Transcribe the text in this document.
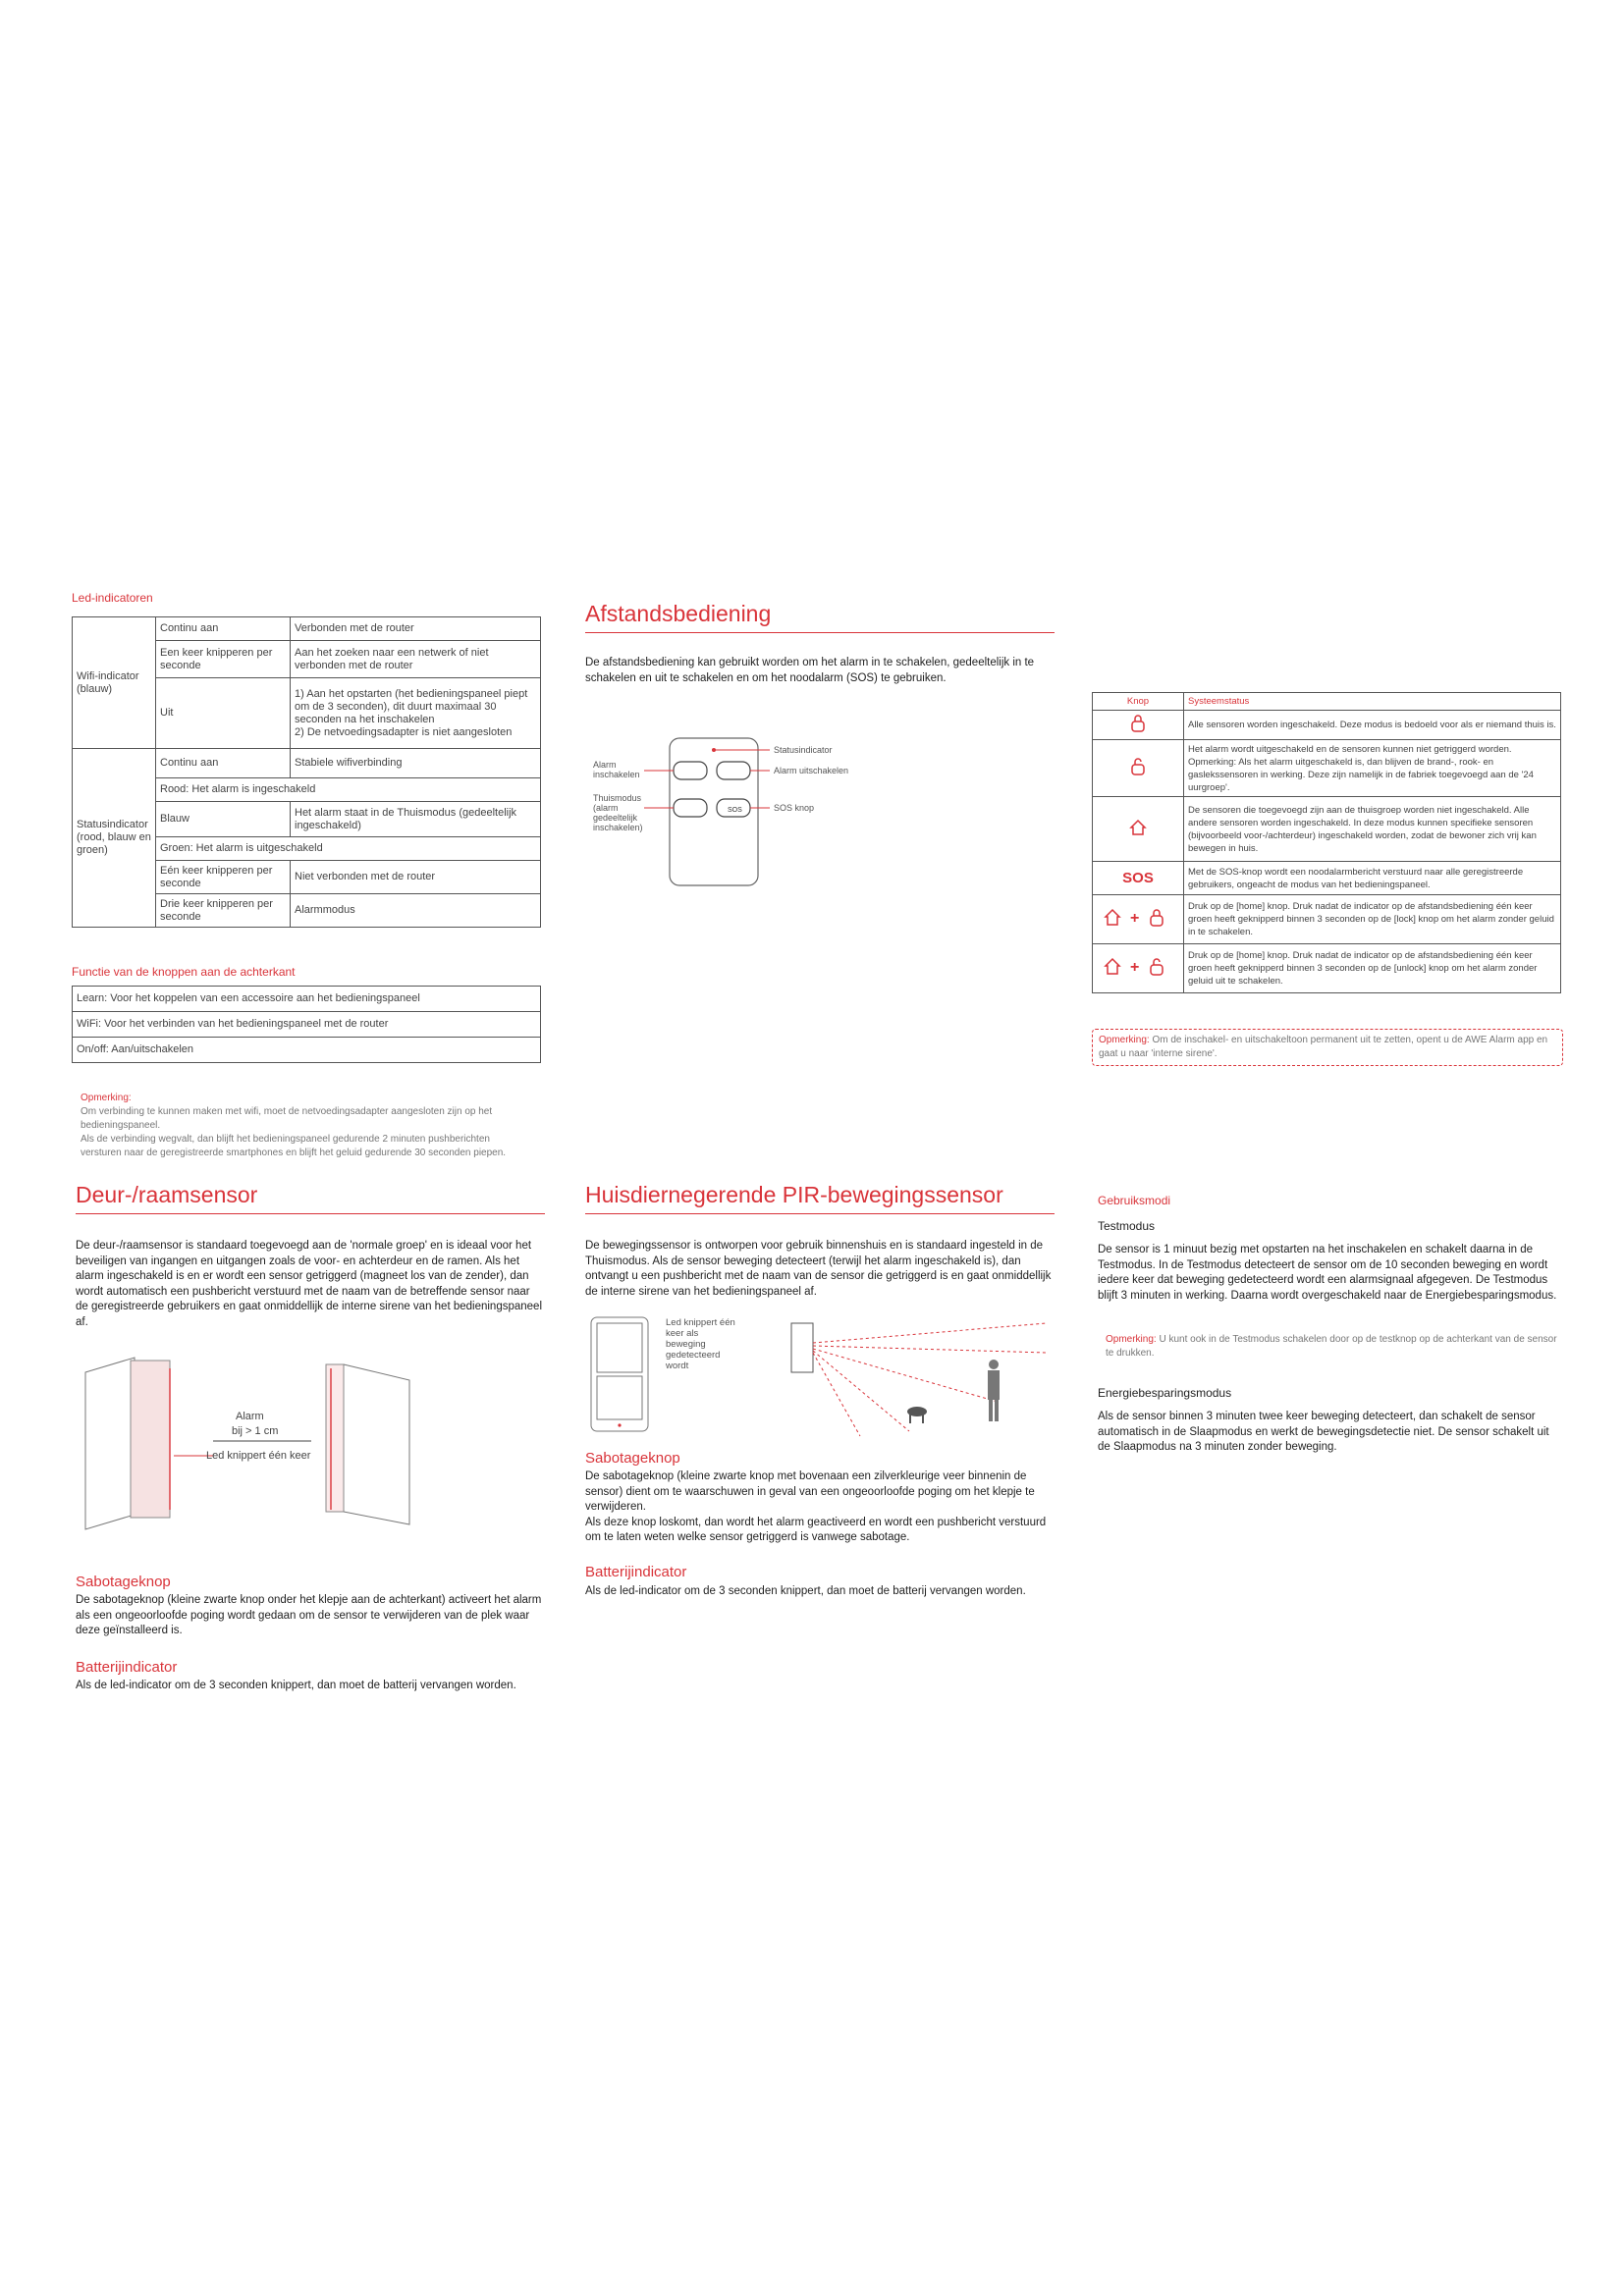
Led-indicatoren
Wifi-indicator
(blauw)	Continu aan	Verbonden met de router
	Een keer knipperen per seconde	Aan het zoeken naar een netwerk of niet verbonden met de router
	Uit	1) Aan het opstarten (het bedieningspaneel piept om de 3 seconden), dit duurt maximaal 30 seconden na het inschakelen
2) De netvoedingsadapter is niet aangesloten
Statusindicator
(rood, blauw en groen)	Continu aan	Stabiele wifiverbinding
	Rood: Het alarm is ingeschakeld	
	Blauw	Het alarm staat in de Thuismodus (gedeeltelijk ingeschakeld)
	Groen: Het alarm is uitgeschakeld	
	Eén keer knipperen per seconde	Niet verbonden met de router
	Drie keer knipperen per seconde	Alarmmodus
Functie van de knoppen aan de achterkant
Learn: Voor het koppelen van een accessoire aan het bedieningspaneel
WiFi: Voor het verbinden van het bedieningspaneel met de router
On/off: Aan/uitschakelen

Opmerking:
Om verbinding te kunnen maken met wifi, moet de netvoedingsadapter aangesloten zijn op het bedieningspaneel.
Als de verbinding wegvalt, dan blijft het bedieningspaneel gedurende 2 minuten pushberichten versturen naar de geregistreerde smartphones en blijft het geluid gedurende 30 seconden piepen.

Afstandsbediening
De afstandsbediening kan gebruikt worden om het alarm in te schakelen, gedeeltelijk in te schakelen en uit te schakelen en om het noodalarm (SOS) te gebruiken.
SOS
Statusindicator
Alarm uitschakelen
SOS knop
Alarm inschakelen
Thuismodus (alarm gedeeltelijk inschakelen)
Knop	Systeemstatus
	Alle sensoren worden ingeschakeld. Deze modus is bedoeld voor als er niemand thuis is.
	Het alarm wordt uitgeschakeld en de sensoren kunnen niet getriggerd worden. Opmerking: Als het alarm uitgeschakeld is, dan blijven de brand-, rook- en gaslekssensoren in werking. Deze zijn namelijk in de fabriek toegevoegd aan de '24 uurgroep'.
	De sensoren die toegevoegd zijn aan de thuisgroep worden niet ingeschakeld. Alle andere sensoren worden ingeschakeld. In deze modus kunnen specifieke sensoren (bijvoorbeeld voor-/achterdeur) ingeschakeld worden, zodat de bewoner zich vrij kan bewegen in huis.
SOS	Met de SOS-knop wordt een noodalarmbericht verstuurd naar alle geregistreerde gebruikers, ongeacht de modus van het bedieningspaneel.

+	Druk op de [home] knop. Druk nadat de indicator op de afstandsbediening één keer groen heeft geknipperd binnen 3 seconden op de [lock] knop om het alarm zonder geluid in te schakelen.

+	Druk op de [home] knop. Druk nadat de indicator op de afstandsbediening één keer groen heeft geknipperd binnen 3 seconden op de [unlock] knop om het alarm zonder geluid uit te schakelen.
Opmerking: Om de inschakel- en uitschakeltoon permanent uit te zetten, opent u de AWE Alarm app en gaat u naar 'interne sirene'.
Deur-/raamsensor
De deur-/raamsensor is standaard toegevoegd aan de 'normale groep' en is ideaal voor het beveiligen van ingangen en uitgangen zoals de voor- en achterdeur en de ramen. Als het alarm ingeschakeld is en er wordt een sensor getriggerd (magneet los van de zender), dan wordt automatisch een pushbericht verstuurd met de naam van de betreffende sensor naar de geregistreerde gebruikers en gaat onmiddellijk de interne sirene van het bedieningspaneel af.
Alarm
bij > 1 cm
Led knippert één keer
Sabotageknop
De sabotageknop (kleine zwarte knop onder het klepje aan de achterkant) activeert het alarm als een ongeoorloofde poging wordt gedaan om de sensor te verwijderen van de plek waar deze geïnstalleerd is.
Batterijindicator
Als de led-indicator om de 3 seconden knippert, dan moet de batterij vervangen worden.
Huisdiernegerende PIR-bewegingssensor
De bewegingssensor is ontworpen voor gebruik binnenshuis en is standaard ingesteld in de Thuismodus. Als de sensor beweging detecteert (terwijl het alarm ingeschakeld is), dan ontvangt u een pushbericht met de naam van de sensor die getriggerd is en gaat onmiddellijk de interne sirene van het bedieningspaneel af.
Led knippert één keer als beweging gedetecteerd wordt
Sabotageknop
De sabotageknop (kleine zwarte knop met bovenaan een zilverkleurige veer binnenin de sensor) dient om te waarschuwen in geval van een ongeoorloofde poging om het klepje te verwijderen.
Als deze knop loskomt, dan wordt het alarm geactiveerd en wordt een pushbericht verstuurd om te laten weten welke sensor getriggerd is vanwege sabotage.
Batterijindicator
Als de led-indicator om de 3 seconden knippert, dan moet de batterij vervangen worden.
Gebruiksmodi
Testmodus
De sensor is 1 minuut bezig met opstarten na het inschakelen en schakelt daarna in de Testmodus. In de Testmodus detecteert de sensor om de 10 seconden beweging en wordt iedere keer dat beweging gedetecteerd wordt een alarmsignaal afgegeven. De Testmodus blijft 3 minuten in werking. Daarna wordt overgeschakeld naar de Energiebesparingsmodus.
Opmerking: U kunt ook in de Testmodus schakelen door op de testknop op de achterkant van de sensor te drukken.
Energiebesparingsmodus
Als de sensor binnen 3 minuten twee keer beweging detecteert, dan schakelt de sensor automatisch in de Slaapmodus en werkt de bewegingsdetectie niet. De sensor schakelt uit de Slaapmodus na 3 minuten zonder beweging.
